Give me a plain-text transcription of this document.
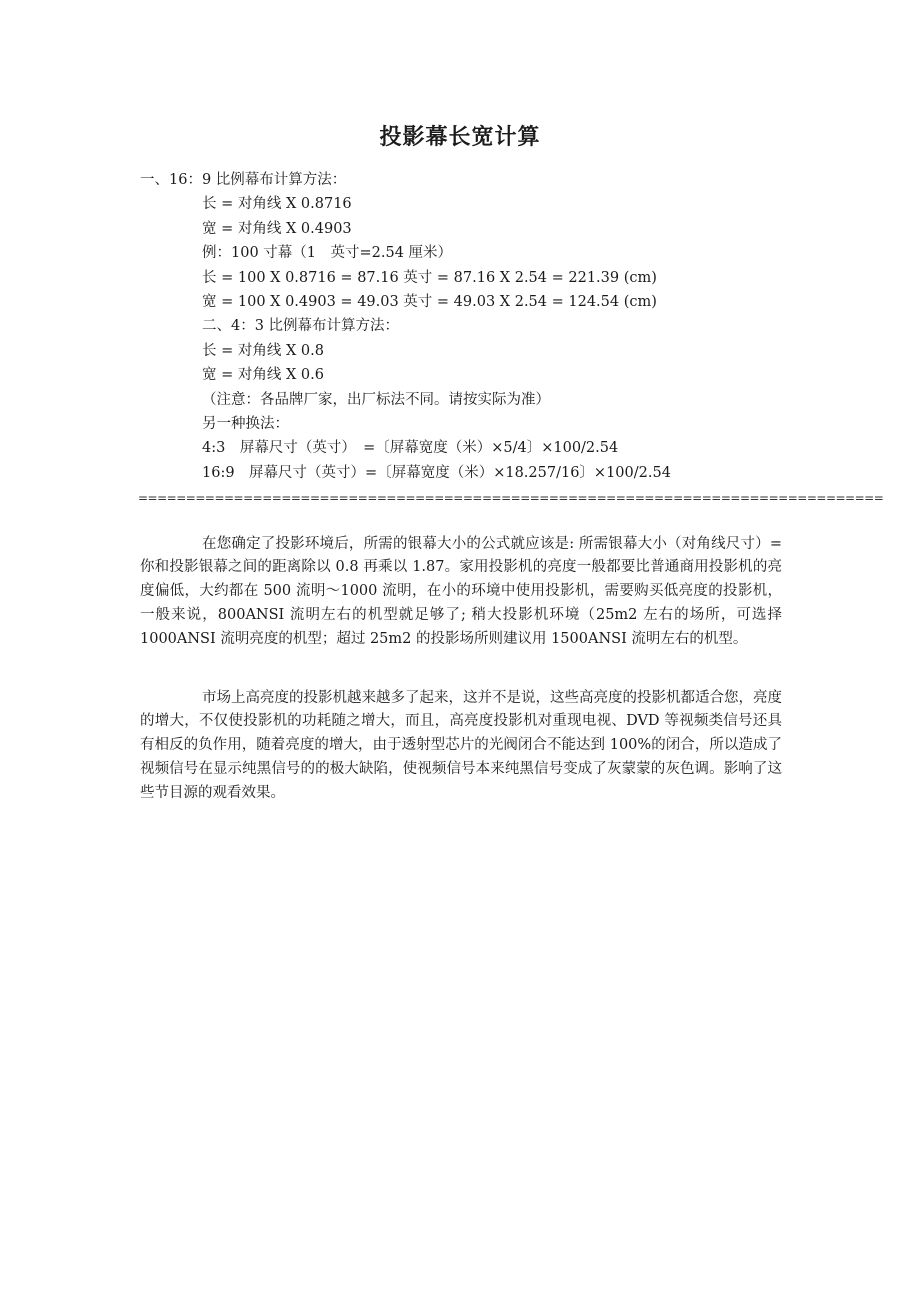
投影幕长宽计算
一、16：9 比例幕布计算方法：
长 = 对角线 X 0.8716
宽 = 对角线 X 0.4903
例：100 寸幕（1　英寸=2.54 厘米）
长 = 100 X 0.8716 = 87.16 英寸 = 87.16 X 2.54 = 221.39 (cm)
宽 = 100 X 0.4903 = 49.03 英寸 = 49.03 X 2.54 = 124.54 (cm)
二、4：3 比例幕布计算方法：
长 = 对角线 X 0.8
宽 = 对角线 X 0.6
（注意：各品牌厂家，出厂标法不同。请按实际为准）
另一种换法：
4:3　屏幕尺寸（英寸）　=〔屏幕宽度（米）×5/4〕×100/2.54
16:9　屏幕尺寸（英寸）=〔屏幕宽度（米）×18.257/16〕×100/2.54
==============================================================================

在您确定了投影环境后，所需的银幕大小的公式就应该是: 所需银幕大小（对角线尺寸）=你和投影银幕之间的距离除以 0.8 再乘以 1.87。家用投影机的亮度一般都要比普通商用投影机的亮度偏低，大约都在 500 流明～1000 流明，在小的环境中使用投影机，需要购买低亮度的投影机，一般来说，800ANSI 流明左右的机型就足够了; 稍大投影机环境（25m2 左右的场所，可选择 1000ANSI 流明亮度的机型；超过 25m2 的投影场所则建议用 1500ANSI 流明左右的机型。

市场上高亮度的投影机越来越多了起来，这并不是说，这些高亮度的投影机都适合您，亮度的增大，不仅使投影机的功耗随之增大，而且，高亮度投影机对重现电视、DVD 等视频类信号还具有相反的负作用，随着亮度的增大，由于透射型芯片的光阀闭合不能达到 100%的闭合，所以造成了视频信号在显示纯黑信号的的极大缺陷，使视频信号本来纯黑信号变成了灰蒙蒙的灰色调。影响了这些节目源的观看效果。
